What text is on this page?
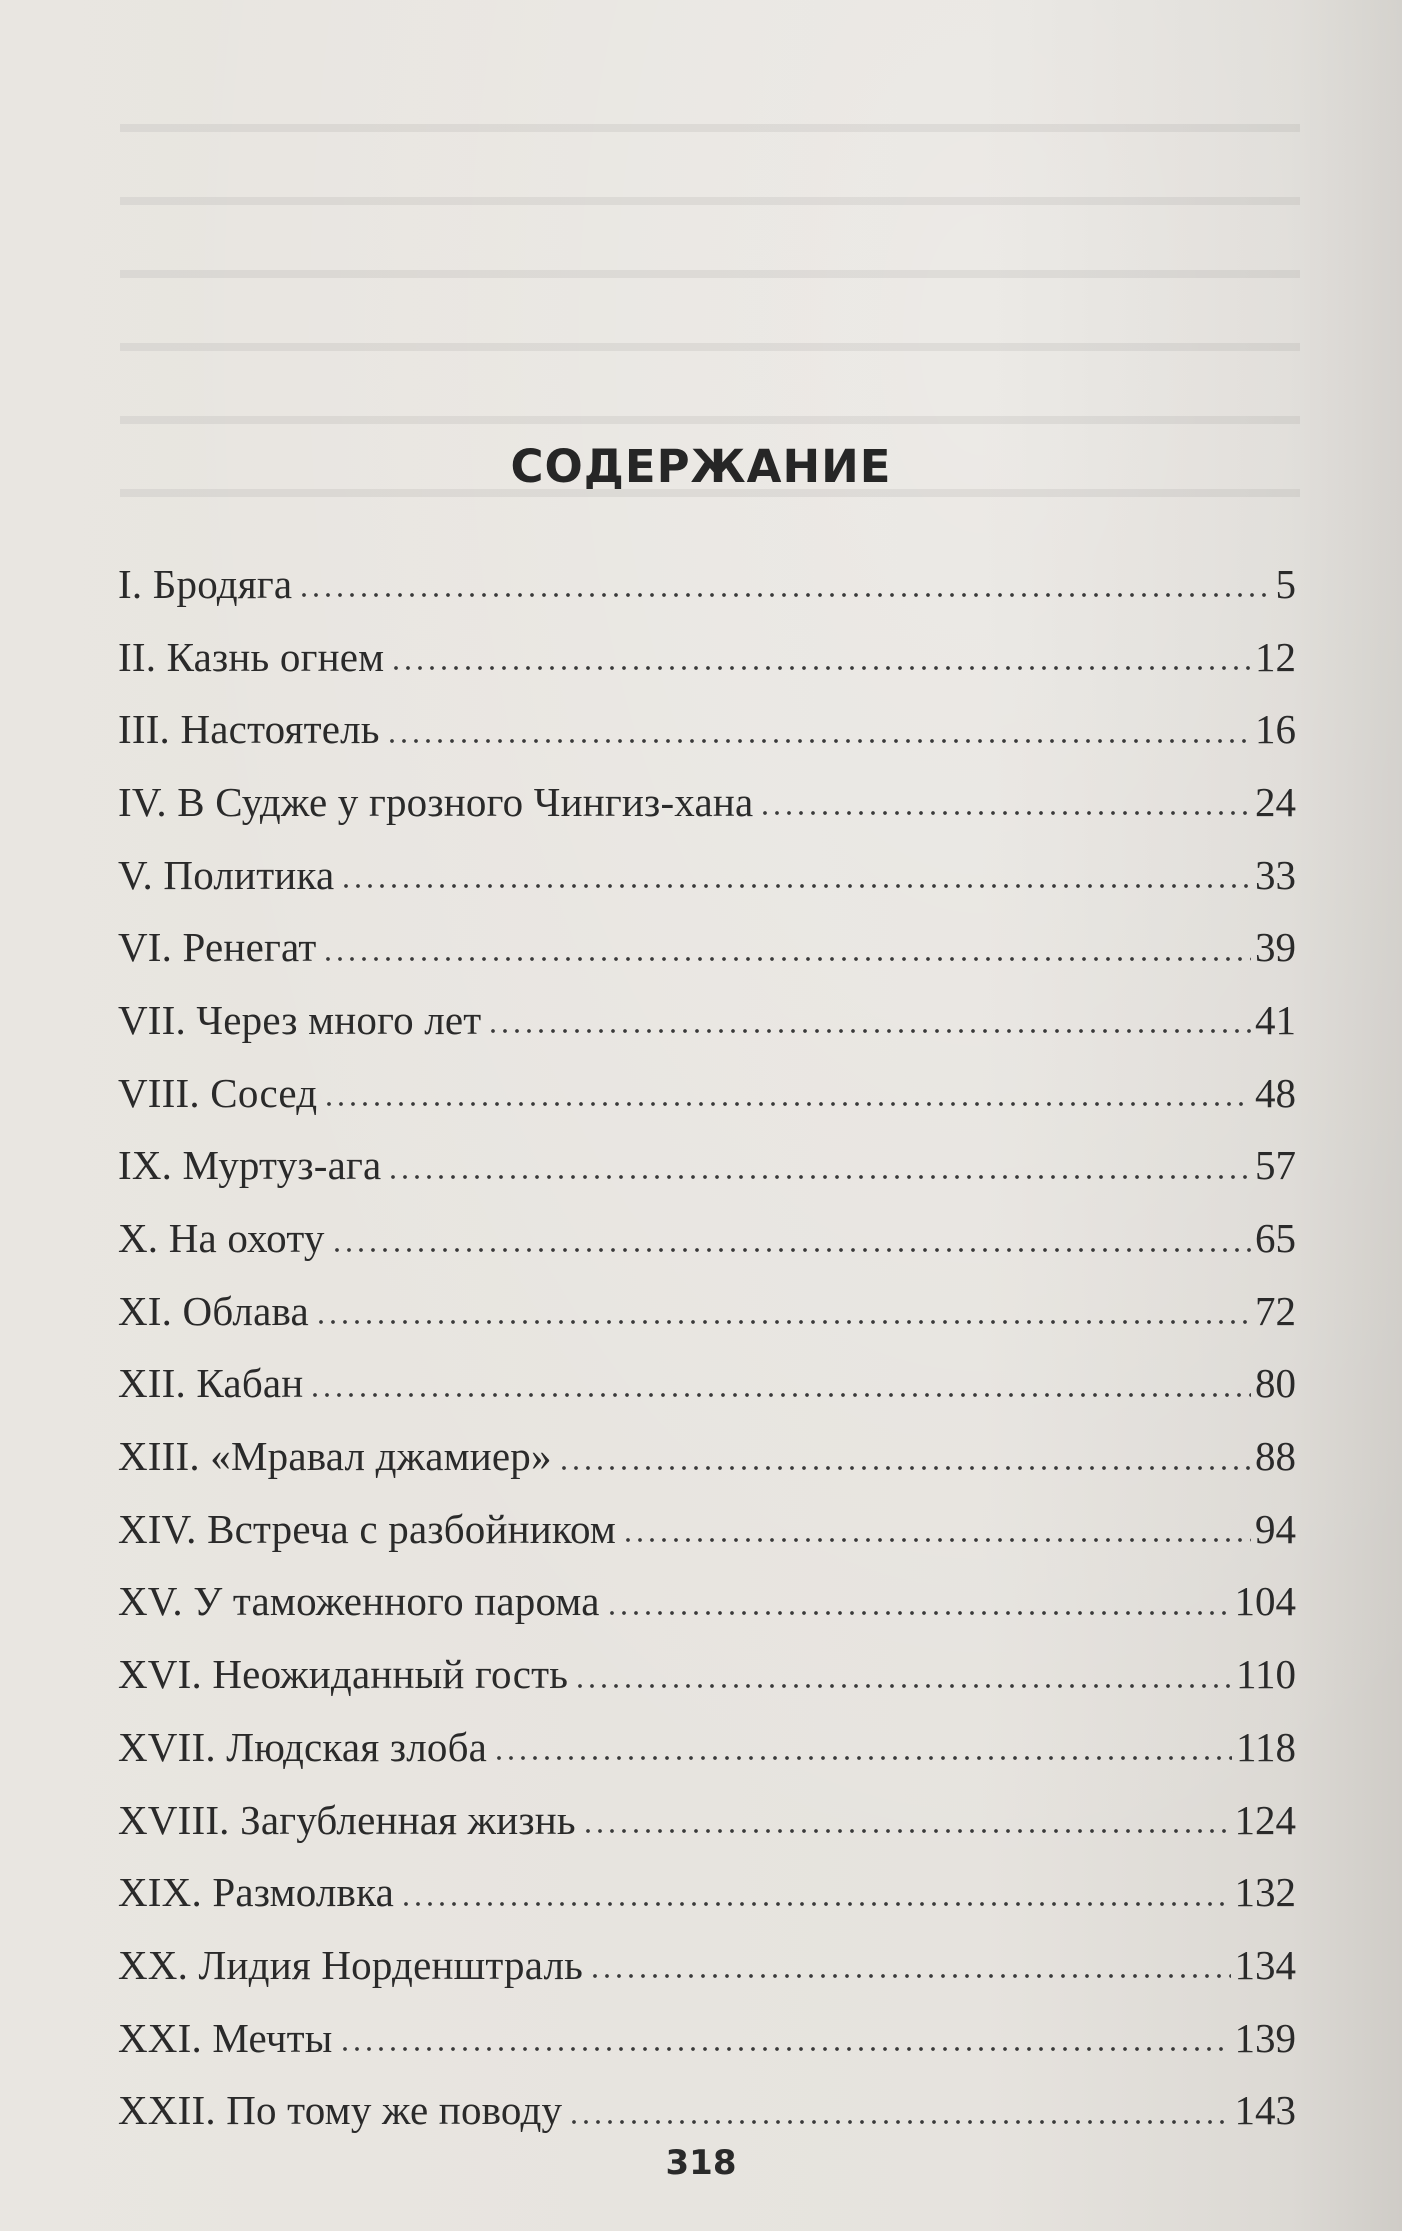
СОДЕРЖАНИЕ
I. Бродяга	5
II. Казнь огнем	12
III. Настоятель	16
IV. В Судже у грозного Чингиз-хана	24
V. Политика	33
VI. Ренегат	39
VII. Через много лет	41
VIII. Сосед	48
IX. Муртуз-ага	57
X. На охоту	65
XI. Облава	72
XII. Кабан	80
XIII. «Мравал джамиер»	88
XIV. Встреча с разбойником	94
XV. У таможенного парома	104
XVI. Неожиданный гость	110
XVII. Людская злоба	118
XVIII. Загубленная жизнь	124
XIX. Размолвка	132
XX. Лидия Норденштраль	134
XXI. Мечты	139
XXII. По тому же поводу	143
318
